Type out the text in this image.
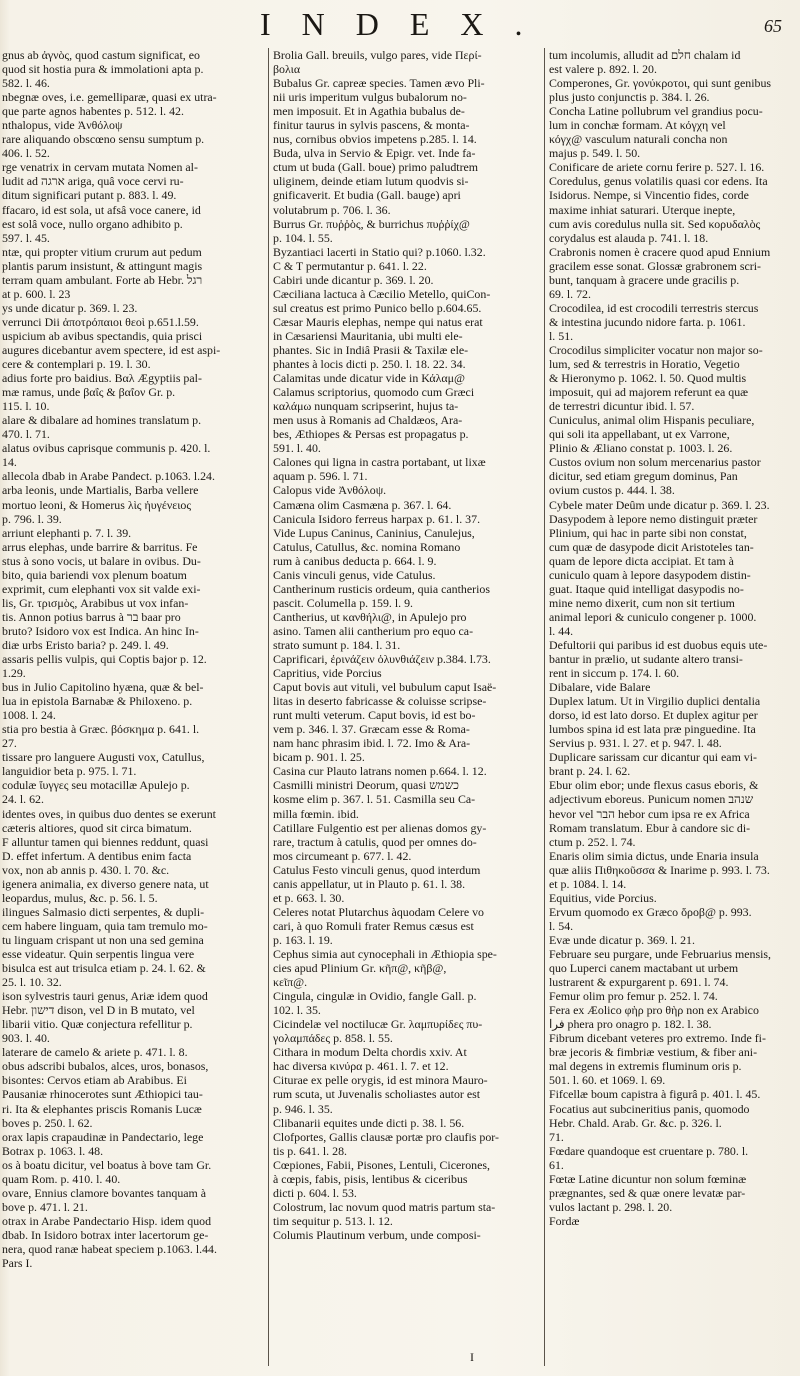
INDEX.	65
gnus ab ἀγνὸς, quod castum significat, eo
quod sit hostia pura & immolationi apta p.
582. l. 46.
nbegnæ oves, i.e. gemelliparæ, quasi ex utra-
que parte agnos habentes p. 512. l. 42.
nthalopus, vide Ἀνθόλοψ
rare aliquando obscœno sensu sumptum p.
406. l. 52.
rge venatrix in cervam mutata Nomen al-
ludit ad ארגה ariga, quâ voce cervi ru-
ditum significari putant p. 883. l. 49.
ffacaro, id est sola, ut afsâ voce canere, id
est solâ voce, nullo organo adhibito p.
597. l. 45.
ntæ, qui propter vitium crurum aut pedum
plantis parum insistunt, & attingunt magis
terram quam ambulant. Forte ab Hebr. רגל
at p. 600. l. 23
ys unde dicatur p. 369. l. 23.
verrunci Dii ἀποτρόπαιοι θεοὶ p.651.l.59.
uspicium ab avibus spectandis, quia prisci
augures dicebantur avem spectere, id est aspi-
cere & contemplari p. 19. l. 30.
adius forte pro baidius. Βαλ Ægyptiis pal-
mæ ramus, unde βαΐς & βαΐον Gr. p.
115. l. 10.
alare & dibalare ad homines translatum p.
470. l. 71.
alatus ovibus caprisque communis p. 420. l.
14.
allecola dbab in Arabe Pandect. p.1063. l.24.
arba leonis, unde Martialis, Barba vellere
mortuo leoni, & Homerus λὶς ἠυγένειος
p. 796. l. 39.
arriunt elephanti p. 7. l. 39.
arrus elephas, unde barrire & barritus. Fe
stus à sono vocis, ut balare in ovibus. Du-
bito, quia bariendi vox plenum boatum
exprimit, cum elephanti vox sit valde exi-
lis, Gr. τρισμὸς, Arabibus ut vox infan-
tis. Annon potius barrus à בר baar pro
bruto? Isidoro vox est Indica. An hinc In-
diæ urbs Eristo baria? p. 249. l. 49.
assaris pellis vulpis, qui Coptis bajor p. 12.
1.29.
bus in Julio Capitolino hyæna, quæ & bel-
lua in epistola Barnabæ & Philoxeno. p.
1008. l. 24.
stia pro bestia à Græc. βόσκημα p. 641. l.
27.
tissare pro languere Augusti vox, Catullus,
languidior beta p. 975. l. 71.
codulæ ἴυγγες seu motacillæ Apulejo p.
24. l. 62.
identes oves, in quibus duo dentes se exerunt
cæteris altiores, quod sit circa bimatum.
F alluntur tamen qui biennes reddunt, quasi
D. effet infertum. A dentibus enim facta
vox, non ab annis p. 430. l. 70. &c.
igenera animalia, ex diverso genere nata, ut
leopardus, mulus, &c. p. 56. l. 5.
ilingues Salmasio dicti serpentes, & dupli-
cem habere linguam, quia tam tremulo mo-
tu linguam crispant ut non una sed gemina
esse videatur. Quin serpentis lingua vere
bisulca est aut trisulca etiam p. 24. l. 62. &
25. l. 10. 32.
ison sylvestris tauri genus, Ariæ idem quod
Hebr. דישון dison, vel D in B mutato, vel
libarii vitio. Quæ conjectura refellitur p.
903. l. 40.
laterare de camelo & ariete p. 471. l. 8.
obus adscribi bubalos, alces, uros, bonasos,
bisontes: Cervos etiam ab Arabibus. Ei
Pausaniæ rhinocerotes sunt Æthiopici tau-
ri. Ita & elephantes priscis Romanis Lucæ
boves p. 250. l. 62.
orax lapis crapaudinæ in Pandectario, lege
Botrax p. 1063. l. 48.
os à boatu dicitur, vel boatus à bove tam Gr.
quam Rom. p. 410. l. 40.
ovare, Ennius clamore bovantes tanquam à
bove p. 471. l. 21.
otrax in Arabe Pandectario Hisp. idem quod
dbab. In Isidoro botrax inter lacertorum ge-
nera, quod ranæ habeat speciem p.1063. l.44.
Pars I.
Brolia Gall. breuils, vulgo pares, vide Περί-
βολια
Bubalus Gr. capreæ species. Tamen ævo Pli-
nii uris imperitum vulgus bubalorum no-
men imposuit. Et in Agathia bubalus de-
finitur taurus in sylvis pascens, & monta-
nus, cornibus obvios impetens p.285. l. 14.
Buda, ulva in Servio & Epigr. vet. Inde fa-
ctum ut buda (Gall. boue) primo paludtrem
uliginem, deinde etiam lutum quodvis si-
gnificaverit. Et budia (Gall. bauge) apri
volutabrum p. 706. l. 36.
Burrus Gr. πυῤῥὸς, & burrichus πυῤῥίχ@
p. 104. l. 55.
Byzantiaci lacerti in Statio qui? p.1060. l.32.
C & T permutantur p. 641. l. 22.
Cabiri unde dicantur p. 369. l. 20.
Cæciliana lactuca à Cæcilio Metello, quiCon-
sul creatus est primo Punico bello p.604.65.
Cæsar Mauris elephas, nempe qui natus erat
in Cæsariensi Mauritania, ubi multi ele-
phantes. Sic in Indiâ Prasii & Taxilæ ele-
phantes à locis dicti p. 250. l. 18. 22. 34.
Calamitas unde dicatur vide in Κάλαμ@
Calamus scriptorius, quomodo cum Græci
καλάμω nunquam scripserint, hujus ta-
men usus à Romanis ad Chaldæos, Ara-
bes, Æthiopes & Persas est propagatus p.
591. l. 40.
Calones qui ligna in castra portabant, ut lixæ
aquam p. 596. l. 71.
Calopus vide Ἀνθόλοψ.
Camæna olim Casmæna p. 367. l. 64.
Canicula Isidoro ferreus harpax p. 61. l. 37.
Vide Lupus Caninus, Caninius, Canulejus,
Catulus, Catullus, &c. nomina Romano
rum à canibus deducta p. 664. l. 9.
Canis vinculi genus, vide Catulus.
Cantherinum rusticis ordeum, quia cantherios
pascit. Columella p. 159. l. 9.
Cantherius, ut κανθήλι@, in Apulejo pro
asino. Tamen alii cantherium pro equo ca-
strato sumunt p. 184. l. 31.
Caprificari, ἐρινάζειν ὀλυνθιάζειν p.384. l.73.
Capritius, vide Porcius
Caput bovis aut vituli, vel bubulum caput Isaë-
litas in deserto fabricasse & coluisse scripse-
runt multi veterum. Caput bovis, id est bo-
vem p. 346. l. 37. Græcam esse & Roma-
nam hanc phrasim ibid. l. 72. Imo & Ara-
bicam p. 901. l. 25.
Casina cur Plauto latrans nomen p.664. l. 12.
Casmilli ministri Deorum, quasi כשמש
kosme elim p. 367. l. 51. Casmilla seu Ca-
milla fœmin. ibid.
Catillare Fulgentio est per alienas domos gy-
rare, tractum à catulis, quod per omnes do-
mos circumeant p. 677. l. 42.
Catulus Festo vinculi genus, quod interdum
canis appellatur, ut in Plauto p. 61. l. 38.
et p. 663. l. 30.
Celeres notat Plutarchus àquodam Celere vo
cari, à quo Romuli frater Remus cæsus est
p. 163. l. 19.
Cephus simia aut cynocephali in Æthiopia spe-
cies apud Plinium Gr. κῆπ@, κῆβ@,
κεῖπ@.
Cingula, cingulæ in Ovidio, fangle Gall. p.
102. l. 35.
Cicindelæ vel noctilucæ Gr. λαμπυρίδες πυ-
γολαμπάδες p. 858. l. 55.
Cithara in modum Delta chordis xxiv. At
hac diversa κινύρα p. 461. l. 7. et 12.
Citurae ex pelle orygis, id est minora Mauro-
rum scuta, ut Juvenalis scholiastes autor est
p. 946. l. 35.
Clibanarii equites unde dicti p. 38. l. 56.
Clofportes, Gallis clausæ portæ pro claufis por-
tis p. 641. l. 28.
Cœpiones, Fabii, Pisones, Lentuli, Cicerones,
à cœpis, fabis, pisis, lentibus & ciceribus
dicti p. 604. l. 53.
Colostrum, lac novum quod matris partum sta-
tim sequitur p. 513. l. 12.
Columis Plautinum verbum, unde composi-
tum incolumis, alludit ad חלם chalam id
est valere p. 892. l. 20.
Comperones, Gr. γονύκροτοι, qui sunt genibus
plus justo conjunctis p. 384. l. 26.
Concha Latine pollubrum vel grandius pocu-
lum in conchæ formam. At κόγχη vel
κόγχ@ vasculum naturali concha non
majus p. 549. l. 50.
Conificare de ariete cornu ferire p. 527. l. 16.
Coredulus, genus volatilis quasi cor edens. Ita
Isidorus. Nempe, si Vincentio fides, corde
maxime inhiat saturari. Uterque inepte,
cum avis coredulus nulla sit. Sed κορυδαλὸς
corydalus est alauda p. 741. l. 18.
Crabronis nomen è cracere quod apud Ennium
gracilem esse sonat. Glossæ grabronem scri-
bunt, tanquam à gracere unde gracilis p.
69. l. 72.
Crocodilea, id est crocodili terrestris stercus
& intestina jucundo nidore farta. p. 1061.
l. 51.
Crocodilus simpliciter vocatur non major so-
lum, sed & terrestris in Horatio, Vegetio
& Hieronymo p. 1062. l. 50. Quod multis
imposuit, qui ad majorem referunt ea quæ
de terrestri dicuntur ibid. l. 57.
Cuniculus, animal olim Hispanis peculiare,
qui soli ita appellabant, ut ex Varrone,
Plinio & Æliano constat p. 1003. l. 26.
Custos ovium non solum mercenarius pastor
dicitur, sed etiam gregum dominus, Pan
ovium custos p. 444. l. 38.
Cybele mater Deûm unde dicatur p. 369. l. 23.
Dasypodem à lepore nemo distinguit præter
Plinium, qui hac in parte sibi non constat,
cum quæ de dasypode dicit Aristoteles tan-
quam de lepore dicta accipiat. Et tam à
cuniculo quam à lepore dasypodem distin-
guat. Itaque quid intelligat dasypodis no-
mine nemo dixerit, cum non sit tertium
animal lepori & cuniculo congener p. 1000.
l. 44.
Defultorii qui paribus id est duobus equis ute-
bantur in prælio, ut sudante altero transi-
rent in siccum p. 174. l. 60.
Dibalare, vide Balare
Duplex latum. Ut in Virgilio duplici dentalia
dorso, id est lato dorso. Et duplex agitur per
lumbos spina id est lata præ pinguedine. Ita
Servius p. 931. l. 27. et p. 947. l. 48.
Duplicare sarissam cur dicantur qui eam vi-
brant p. 24. l. 62.
Ebur olim ebor; unde flexus casus eboris, &
adjectivum eboreus. Punicum nomen שנהב
hevor vel הבר hebor cum ipsa re ex Africa
Romam translatum. Ebur à candore sic di-
ctum p. 252. l. 74.
Enaris olim simia dictus, unde Enaria insula
quæ aliis Πιθηκοῦσσα & Inarime p. 993. l. 73.
et p. 1084. l. 14.
Equitius, vide Porcius.
Ervum quomodo ex Græco ὄροβ@ p. 993.
l. 54.
Evæ unde dicatur p. 369. l. 21.
Februare seu purgare, unde Februarius mensis,
quo Luperci canem mactabant ut urbem
lustrarent & expurgarent p. 691. l. 74.
Femur olim pro femur p. 252. l. 74.
Fera ex Æolico φὴρ pro θὴρ non ex Arabico
فرا phera pro onagro p. 182. l. 38.
Fibrum dicebant veteres pro extremo. Inde fi-
bræ jecoris & fimbriæ vestium, & fiber ani-
mal degens in extremis fluminum oris p.
501. l. 60. et 1069. l. 69.
Fifcellæ boum capistra à figurâ p. 401. l. 45.
Focatius aut subcineritius panis, quomodo
Hebr. Chald. Arab. Gr. &c. p. 326. l.
71.
Fœdare quandoque est cruentare p. 780. l.
61.
Fœtæ Latine dicuntur non solum fœminæ
prægnantes, sed & quæ onere levatæ par-
vulos lactant p. 298. l. 20.
Fordæ
I
